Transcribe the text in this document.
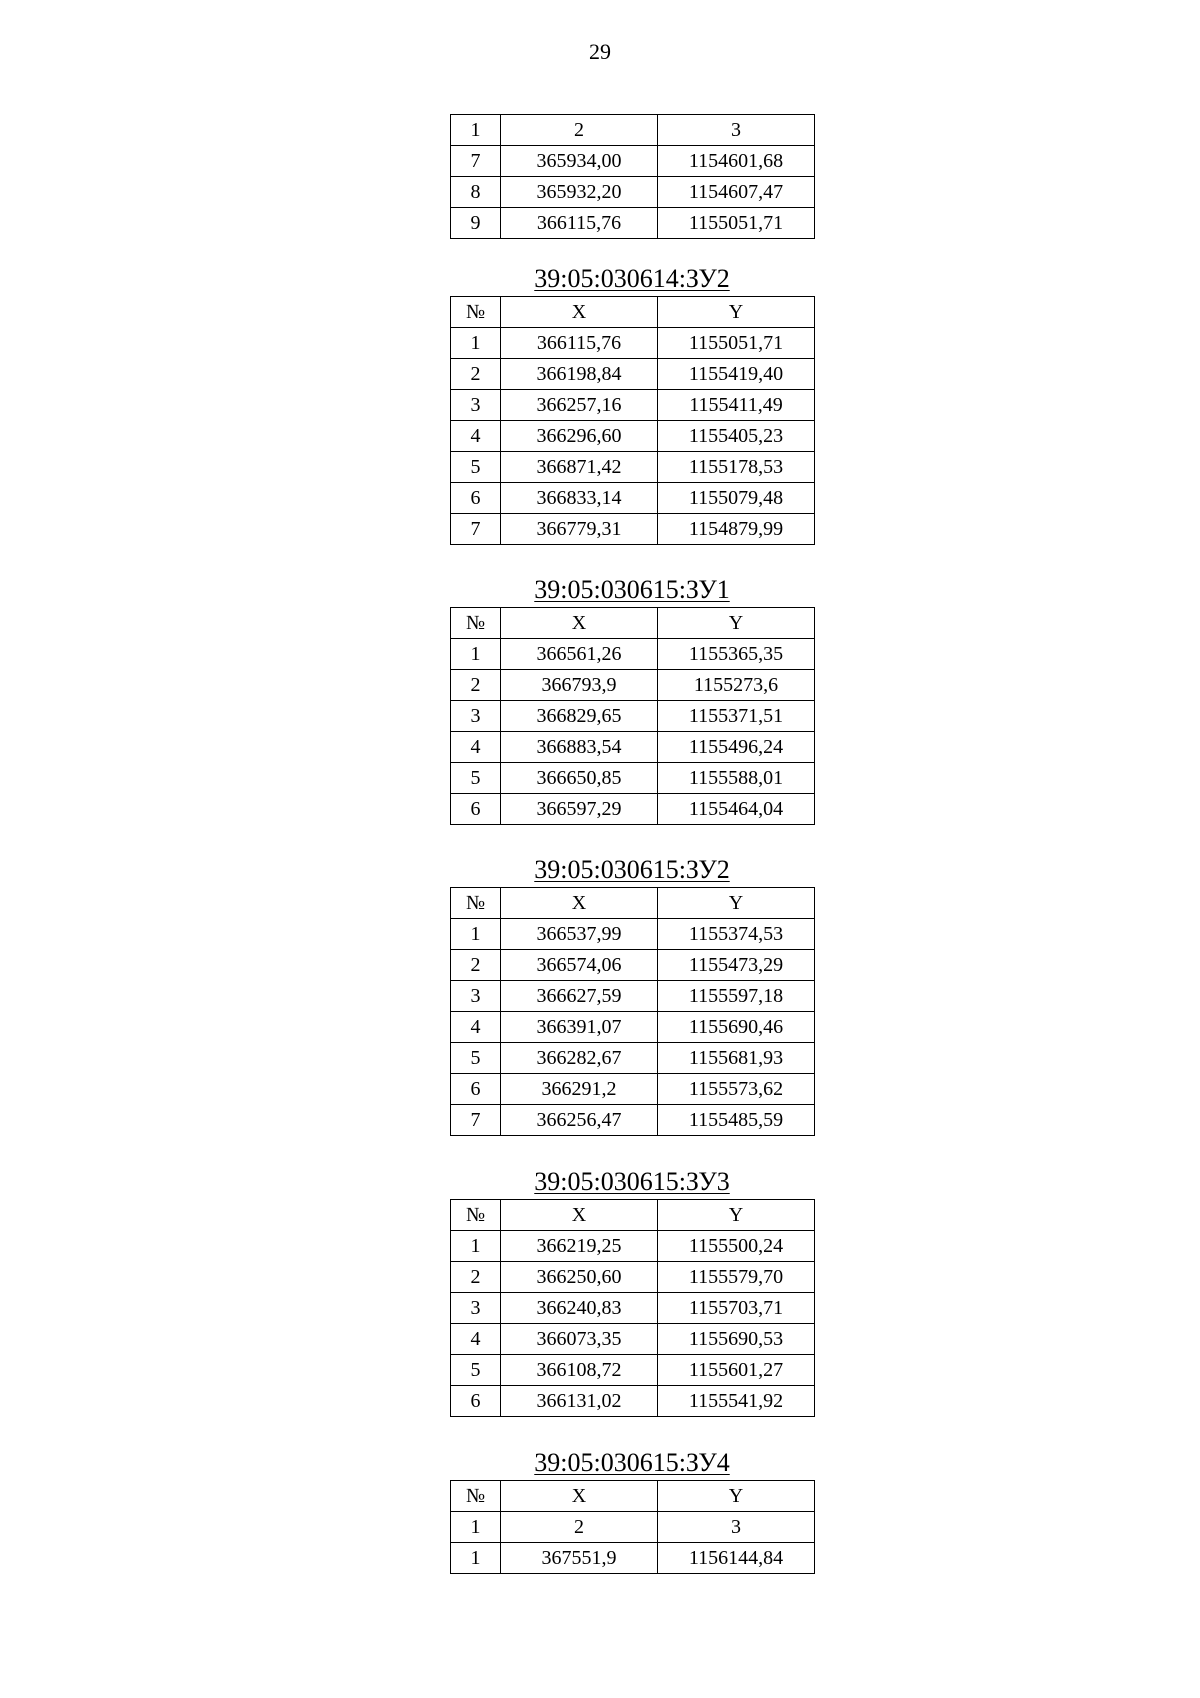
29
1	2	3
7	365934,00	1154601,68
8	365932,20	1154607,47
9	366115,76	1155051,71
39:05:030614:ЗУ2
№	X	Y
1	366115,76	1155051,71
2	366198,84	1155419,40
3	366257,16	1155411,49
4	366296,60	1155405,23
5	366871,42	1155178,53
6	366833,14	1155079,48
7	366779,31	1154879,99
39:05:030615:ЗУ1
№	X	Y
1	366561,26	1155365,35
2	366793,9	1155273,6
3	366829,65	1155371,51
4	366883,54	1155496,24
5	366650,85	1155588,01
6	366597,29	1155464,04
39:05:030615:ЗУ2
№	X	Y
1	366537,99	1155374,53
2	366574,06	1155473,29
3	366627,59	1155597,18
4	366391,07	1155690,46
5	366282,67	1155681,93
6	366291,2	1155573,62
7	366256,47	1155485,59
39:05:030615:ЗУ3
№	X	Y
1	366219,25	1155500,24
2	366250,60	1155579,70
3	366240,83	1155703,71
4	366073,35	1155690,53
5	366108,72	1155601,27
6	366131,02	1155541,92
39:05:030615:ЗУ4
№	X	Y
1	2	3
1	367551,9	1156144,84
